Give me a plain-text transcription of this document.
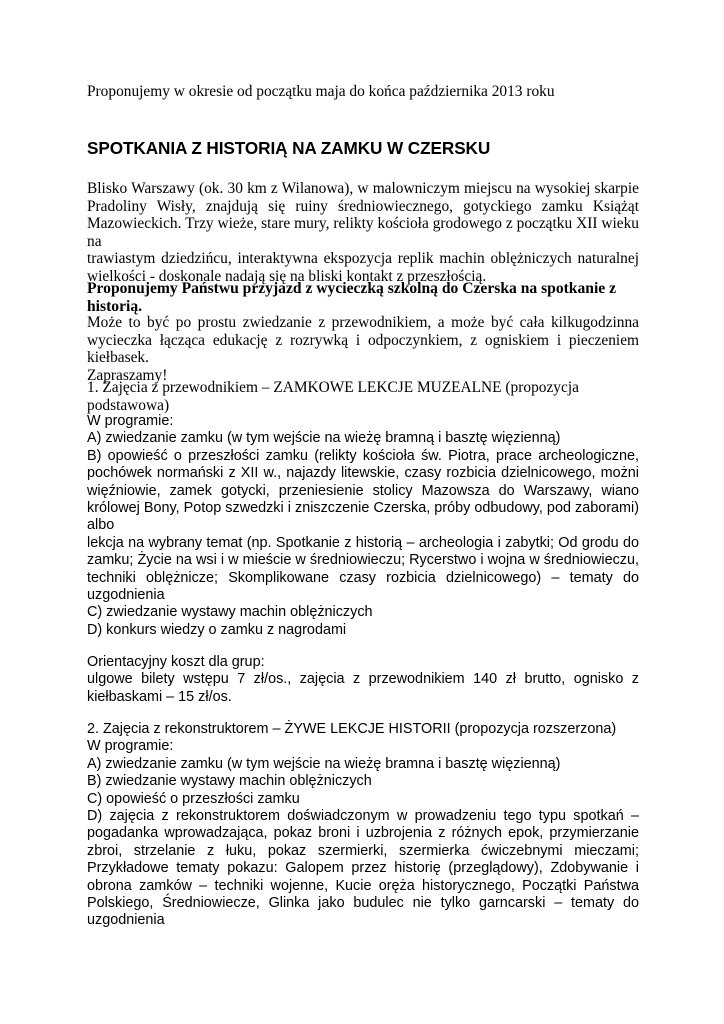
Proponujemy w okresie od początku maja do końca października 2013 roku

SPOTKANIA Z HISTORIĄ NA ZAMKU W CZERSKU
Blisko Warszawy (ok. 30 km z Wilanowa), w malowniczym miejscu na wysokiej skarpie
Pradoliny Wisły, znajdują się ruiny średniowiecznego, gotyckiego zamku Książąt
Mazowieckich. Trzy wieże, stare mury, relikty kościoła grodowego z początku XII wieku na
trawiastym dziedzińcu, interaktywna ekspozycja replik machin oblężniczych naturalnej
wielkości - doskonale nadają się na bliski kontakt z przeszłością.
Proponujemy Państwu przyjazd z wycieczką szkolną do Czerska na spotkanie z historią.
Może to być po prostu zwiedzanie z przewodnikiem, a może być cała kilkugodzinna
wycieczka łącząca edukację z rozrywką i odpoczynkiem, z ogniskiem i pieczeniem kiełbasek.
Zapraszamy!
1. Zajęcia z przewodnikiem – ZAMKOWE LEKCJE MUZEALNE (propozycja podstawowa)
W programie:
A) zwiedzanie zamku (w tym wejście na wieżę bramną i basztę więzienną)
B) opowieść o przeszłości zamku (relikty kościoła św. Piotra, prace archeologiczne,
pochówek normański z XII w., najazdy litewskie, czasy rozbicia dzielnicowego, możni
więźniowie, zamek gotycki, przeniesienie stolicy Mazowsza do Warszawy, wiano
królowej Bony, Potop szwedzki i zniszczenie Czerska, próby odbudowy, pod zaborami)
albo
lekcja na wybrany temat (np. Spotkanie z historią – archeologia i zabytki; Od grodu do
zamku; Życie na wsi i w mieście w średniowieczu; Rycerstwo i wojna w średniowieczu,
techniki oblężnicze; Skomplikowane czasy rozbicia dzielnicowego) – tematy do
uzgodnienia
C) zwiedzanie wystawy machin oblężniczych
D) konkurs wiedzy o zamku z nagrodami
Orientacyjny koszt dla grup:
ulgowe bilety wstępu 7 zł/os., zajęcia z przewodnikiem 140 zł brutto, ognisko z
kiełbaskami – 15 zł/os.
2. Zajęcia z rekonstruktorem – ŻYWE LEKCJE HISTORII (propozycja rozszerzona)
W programie:
A) zwiedzanie zamku (w tym wejście na wieżę bramna i basztę więzienną)
B) zwiedzanie wystawy machin oblężniczych
C) opowieść o przeszłości zamku
D) zajęcia z rekonstruktorem doświadczonym w prowadzeniu tego typu spotkań –
pogadanka wprowadzająca, pokaz broni i uzbrojenia z różnych epok, przymierzanie
zbroi, strzelanie z łuku, pokaz szermierki, szermierka ćwiczebnymi mieczami;
Przykładowe tematy pokazu: Galopem przez historię (przeglądowy), Zdobywanie i
obrona zamków – techniki wojenne, Kucie oręża historycznego, Początki Państwa
Polskiego, Średniowiecze, Glinka jako budulec nie tylko garncarski – tematy do
uzgodnienia
